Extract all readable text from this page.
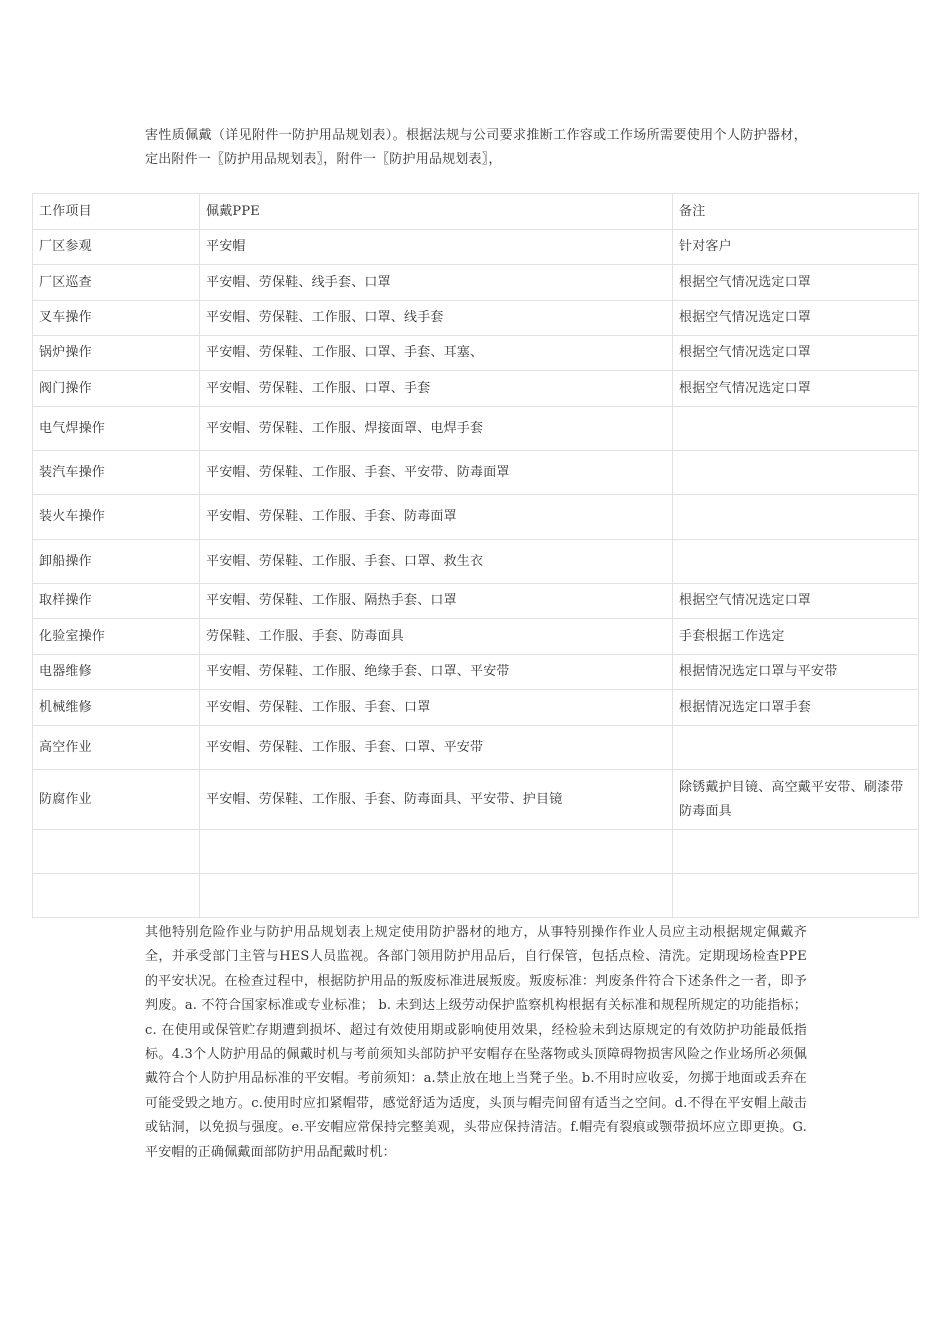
害性质佩戴（详见附件一防护用品规划表）。根据法规与公司要求推断工作容或工作场所需要使用个人防护器材，定出附件一〖防护用品规划表〗，附件一〖防护用品规划表〗，
工作项目	佩戴PPE	备注
厂区参观	平安帽	针对客户
厂区巡查	平安帽、劳保鞋、线手套、口罩	根据空气情况选定口罩
叉车操作	平安帽、劳保鞋、工作服、口罩、线手套	根据空气情况选定口罩
锅炉操作	平安帽、劳保鞋、工作服、口罩、手套、耳塞、	根据空气情况选定口罩
阀门操作	平安帽、劳保鞋、工作服、口罩、手套	根据空气情况选定口罩
电气焊操作	平安帽、劳保鞋、工作服、焊接面罩、电焊手套	
装汽车操作	平安帽、劳保鞋、工作服、手套、平安带、防毒面罩	
装火车操作	平安帽、劳保鞋、工作服、手套、防毒面罩	
卸船操作	平安帽、劳保鞋、工作服、手套、口罩、救生衣	
取样操作	平安帽、劳保鞋、工作服、隔热手套、口罩	根据空气情况选定口罩
化验室操作	劳保鞋、工作服、手套、防毒面具	手套根据工作选定
电器维修	平安帽、劳保鞋、工作服、绝缘手套、口罩、平安带	根据情况选定口罩与平安带
机械维修	平安帽、劳保鞋、工作服、手套、口罩	根据情况选定口罩手套
高空作业	平安帽、劳保鞋、工作服、手套、口罩、平安带	
防腐作业	平安帽、劳保鞋、工作服、手套、防毒面具、平安带、护目镜	除锈戴护目镜、高空戴平安带、刷漆带防毒面具

其他特别危险作业与防护用品规划表上规定使用防护器材的地方，从事特别操作作业人员应主动根据规定佩戴齐全，并承受部门主管与HES人员监视。各部门领用防护用品后，自行保管，包括点检、清洗。定期现场检查PPE的平安状况。在检查过程中，根据防护用品的叛废标准进展叛废。叛废标准：判废条件符合下述条件之一者，即予判废。a. 不符合国家标准或专业标准； b. 未到达上级劳动保护监察机构根据有关标准和规程所规定的功能指标；c. 在使用或保管贮存期遭到损坏、超过有效使用期或影响使用效果，经检验未到达原规定的有效防护功能最低指标。4.3个人防护用品的佩戴时机与考前须知头部防护平安帽存在坠落物或头顶障碍物损害风险之作业场所必须佩戴符合个人防护用品标准的平安帽。考前须知：a.禁止放在地上当凳子坐。b.不用时应收妥，勿掷于地面或丢弃在可能受毁之地方。c.使用时应扣紧帽带，感觉舒适为适度，头顶与帽壳间留有适当之空间。d.不得在平安帽上敲击或钻洞，以免损与强度。e.平安帽应常保持完整美观，头带应保持清洁。f.帽壳有裂痕或颚带损坏应立即更换。G. 平安帽的正确佩戴面部防护用品配戴时机：
